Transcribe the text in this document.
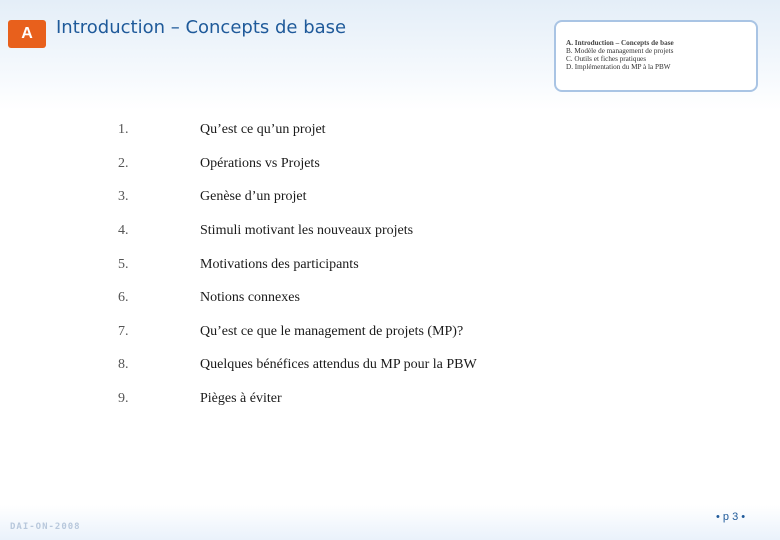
A	Introduction – Concepts de base
A. Introduction – Concepts de base
B. Modèle de management de projets
C. Outils et fiches pratiques
D. Implémentation du MP à la PBW
1.	Qu’est ce qu’un projet
2.	Opérations vs Projets
3.	Genèse d’un projet
4.	Stimuli motivant les nouveaux projets
5.	Motivations des participants
6.	Notions connexes
7.	Qu’est ce que le management de projets (MP)?
8.	Quelques bénéfices attendus du MP pour la PBW
9.	Pièges à éviter
DAI-ON-2008
• p 3 •
